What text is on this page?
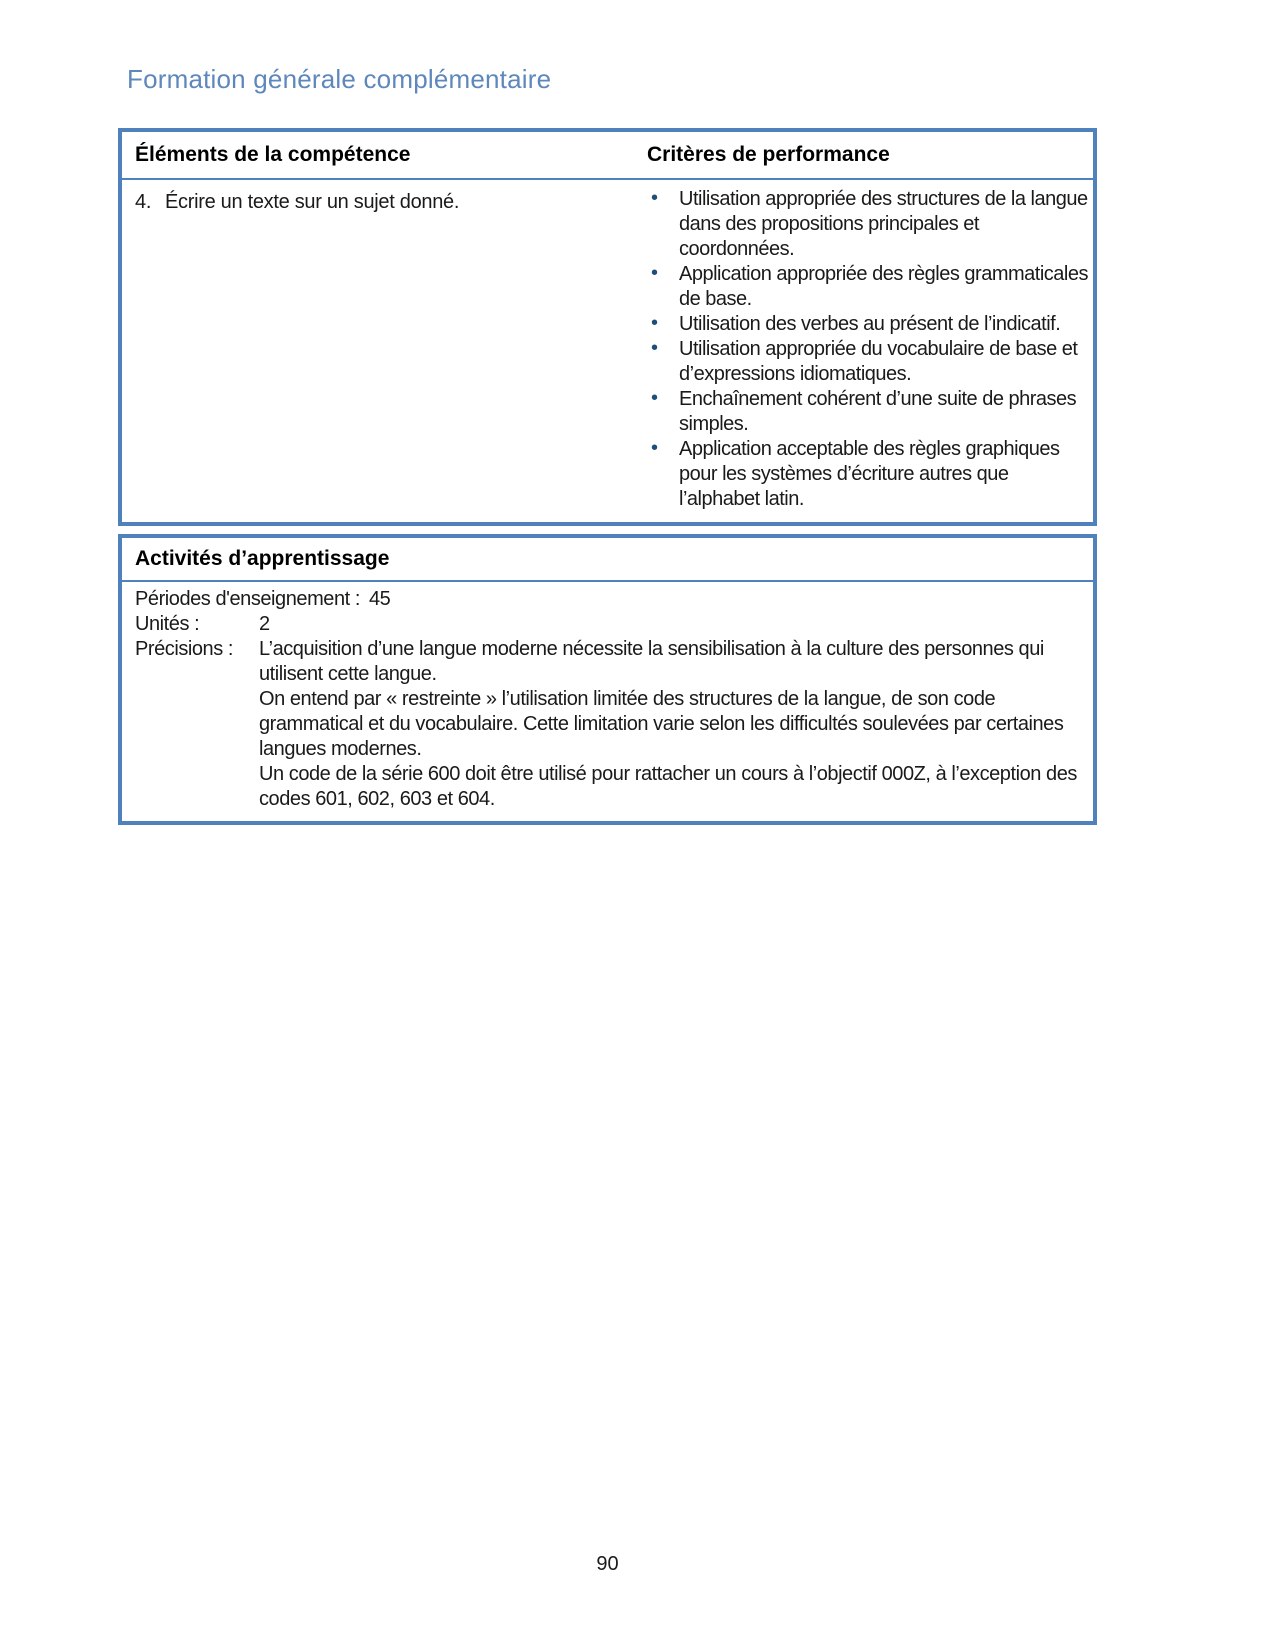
Formation générale complémentaire
Éléments de la compétence	Critères de performance
4. Écrire un texte sur un sujet donné.	• Utilisation appropriée des structures de la langue dans des propositions principales et coordonnées.
• Application appropriée des règles grammaticales de base.
• Utilisation des verbes au présent de l’indicatif.
• Utilisation appropriée du vocabulaire de base et d’expressions idiomatiques.
• Enchaînement cohérent d’une suite de phrases simples.
• Application acceptable des règles graphiques pour les systèmes d’écriture autres que l’alphabet latin.
Activités d’apprentissage
Périodes d'enseignement : 45
Unités :	2
Précisions :	L’acquisition d’une langue moderne nécessite la sensibilisation à la culture des personnes qui utilisent cette langue.

On entend par « restreinte » l’utilisation limitée des structures de la langue, de son code grammatical et du vocabulaire. Cette limitation varie selon les difficultés soulevées par certaines langues modernes.

Un code de la série 600 doit être utilisé pour rattacher un cours à l’objectif 000Z, à l’exception des codes 601, 602, 603 et 604.

90
